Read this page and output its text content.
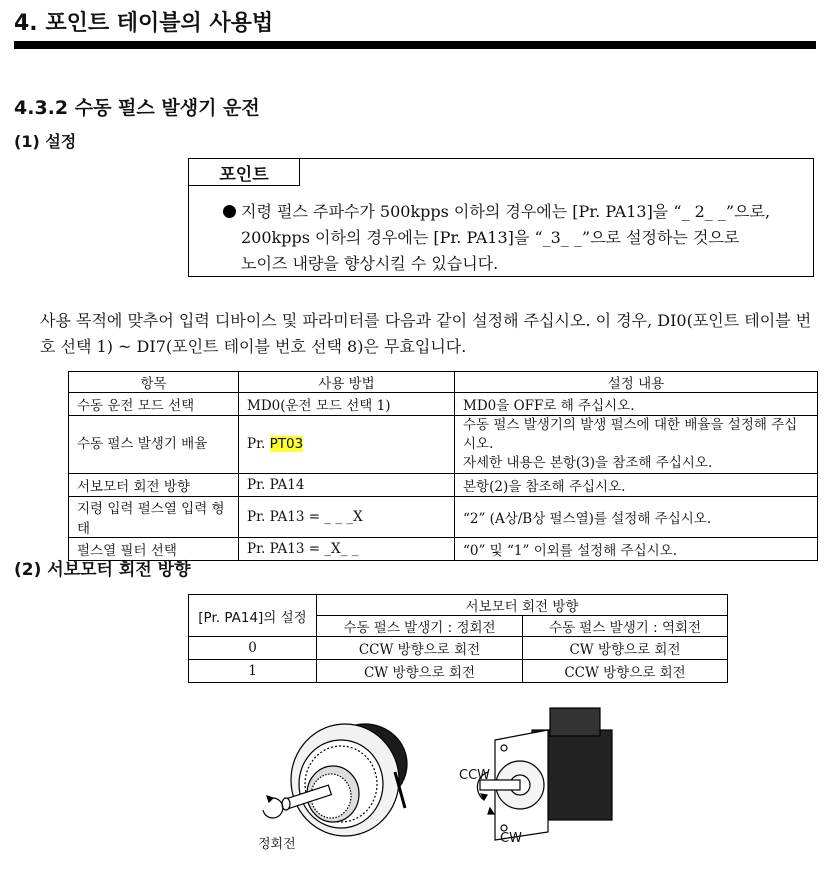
4. 포인트 테이블의 사용법
4.3.2 수동 펄스 발생기 운전
(1) 설정
포인트
지령 펄스 주파수가 500kpps 이하의 경우에는 [Pr. PA13]을 “_ 2_ _”으로,
200kpps 이하의 경우에는 [Pr. PA13]을 “_3_ _”으로 설정하는 것으로
노이즈 내량을 향상시킬 수 있습니다.
사용 목적에 맞추어 입력 디바이스 및 파라미터를 다음과 같이 설정해 주십시오. 이 경우, DI0(포인트 테이블 번호 선택 1) ~ DI7(포인트 테이블 번호 선택 8)은 무효입니다.
항목	사용 방법	설정 내용
수동 운전 모드 선택	MD0(운전 모드 선택 1)	MD0을 OFF로 해 주십시오.
수동 펄스 발생기 배율	Pr. PT03	수동 펄스 발생기의 발생 펄스에 대한 배율을 설정해 주십시오.
자세한 내용은 본항(3)을 참조해 주십시오.

서보모터 회전 방향	Pr. PA14	본항(2)을 참조해 주십시오.
지령 입력 펄스열 입력 형태	Pr. PA13 = _ _ _X	“2” (A상/B상 펄스열)를 설정해 주십시오.
펄스열 필터 선택	Pr. PA13 = _X_ _	“0” 및 “1” 이외를 설정해 주십시오.
(2) 서보모터 회전 방향
[Pr. PA14]의 설정	서보모터 회전 방향	
	수동 펄스 발생기 : 정회전	수동 펄스 발생기 : 역회전
0	CCW 방향으로 회전	CW 방향으로 회전
1	CW 방향으로 회전	CCW 방향으로 회전
정회전
CCW
CW
